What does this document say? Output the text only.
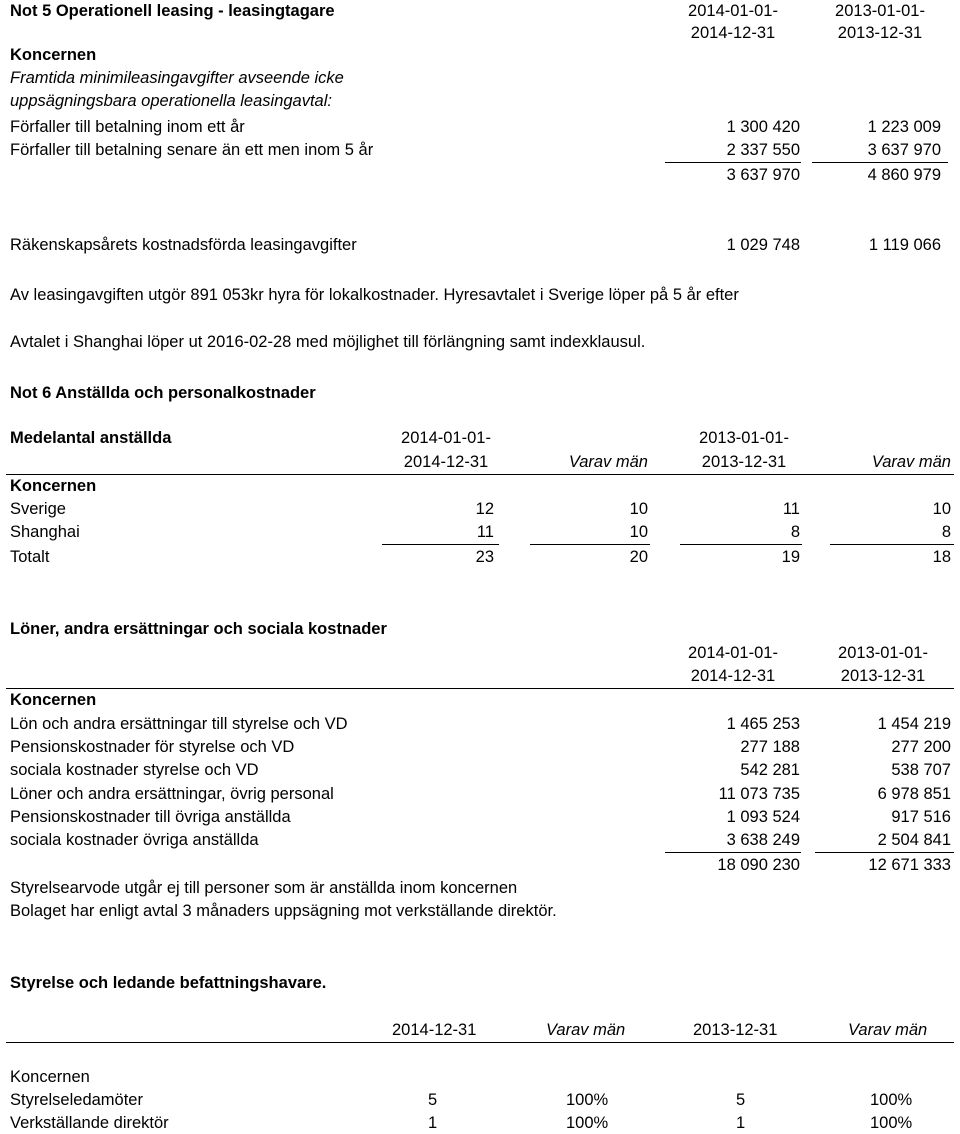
Not 5 Operationell leasing - leasingtagare	2014-01-01-
2014-12-31
2013-01-01-
2013-12-31
Koncernen
Framtida minimileasingavgifter avseende icke
uppsägningsbara operationella leasingavtal:
Förfaller till betalning inom ett år	1 300 420	1 223 009
Förfaller till betalning senare än ett men inom 5 år	2 337 550	3 637 970
3 637 970	4 860 979
Räkenskapsårets kostnadsförda leasingavgifter	1 029 748	1 119 066
Av leasingavgiften utgör 891 053kr hyra för lokalkostnader. Hyresavtalet i Sverige löper på 5 år efter
Avtalet i Shanghai löper ut 2016-02-28 med möjlighet till förlängning samt indexklausul.
Not 6 Anställda och personalkostnader
Medelantal anställda	2014-01-01-
2014-12-31	Varav män
2013-01-01-
2013-12-31	Varav män
Koncernen
Sverige	12	10	11	10
Shanghai	11	10	8	8
Totalt	23	20	19	18
Löner, andra ersättningar och sociala kostnader
2014-01-01-
2014-12-31
2013-01-01-
2013-12-31
Koncernen
Lön och andra ersättningar till styrelse och VD	1 465 253	1 454 219
Pensionskostnader för styrelse och VD	277 188	277 200
sociala kostnader styrelse och VD	542 281	538 707
Löner och andra ersättningar, övrig personal	11 073 735	6 978 851
Pensionskostnader till övriga anställda	1 093 524	917 516
sociala kostnader övriga anställda	3 638 249	2 504 841
18 090 230	12 671 333
Styrelsearvode utgår ej till personer som är anställda inom koncernen
Bolaget har enligt avtal 3 månaders uppsägning mot verkställande direktör.
Styrelse och ledande befattningshavare.
2014-12-31	Varav män	2013-12-31	Varav män
Koncernen
Styrelseledamöter	5	100%	5	100%
Verkställande direktör	1	100%	1	100%
